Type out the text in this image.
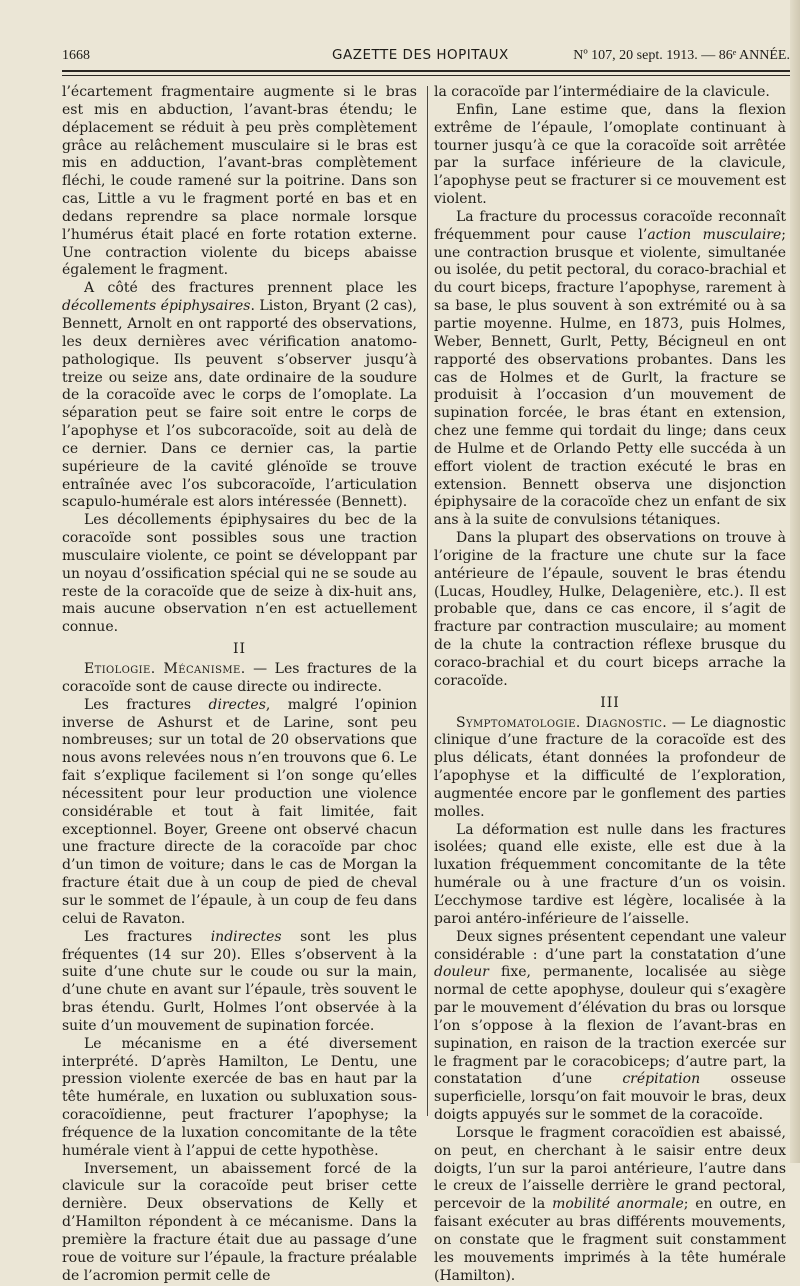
1668	GAZETTE DES HOPITAUX	Nº 107, 20 sept. 1913. — 86ᵉ ANNÉE.

l’écartement fragmentaire augmente si le bras est mis en abduction, l’avant-bras étendu; le déplacement se réduit à peu près complètement grâce au relâchement musculaire si le bras est mis en adduction, l’avant-bras complètement fléchi, le coude ramené sur la poitrine. Dans son cas, Little a vu le fragment porté en bas et en dedans reprendre sa place normale lorsque l’humérus était placé en forte rotation externe. Une contraction violente du biceps abaisse également le fragment.

A côté des fractures prennent place les décollements épiphysaires. Liston, Bryant (2 cas), Bennett, Arnolt en ont rapporté des observations, les deux dernières avec vérification anatomo-pathologique. Ils peuvent s’observer jusqu’à treize ou seize ans, date ordinaire de la soudure de la coracoïde avec le corps de l’omoplate. La séparation peut se faire soit entre le corps de l’apophyse et l’os subcoracoïde, soit au delà de ce dernier. Dans ce dernier cas, la partie supérieure de la cavité glénoïde se trouve entraînée avec l’os subcoracoïde, l’articulation scapulo-humérale est alors intéressée (Bennett).

Les décollements épiphysaires du bec de la coracoïde sont possibles sous une traction musculaire violente, ce point se développant par un noyau d’ossification spécial qui ne se soude au reste de la coracoïde que de seize à dix-huit ans, mais aucune observation n’en est actuellement connue.

II

Etiologie. Mécanisme. — Les fractures de la coracoïde sont de cause directe ou indirecte.

Les fractures directes, malgré l’opinion inverse de Ashurst et de Larine, sont peu nombreuses; sur un total de 20 observations que nous avons relevées nous n’en trouvons que 6. Le fait s’explique facilement si l’on songe qu’elles nécessitent pour leur production une violence considérable et tout à fait limitée, fait exceptionnel. Boyer, Greene ont observé chacun une fracture directe de la coracoïde par choc d’un timon de voiture; dans le cas de Morgan la fracture était due à un coup de pied de cheval sur le sommet de l’épaule, à un coup de feu dans celui de Ravaton.

Les fractures indirectes sont les plus fréquentes (14 sur 20). Elles s’observent à la suite d’une chute sur le coude ou sur la main, d’une chute en avant sur l’épaule, très souvent le bras étendu. Gurlt, Holmes l’ont observée à la suite d’un mouvement de supination forcée.

Le mécanisme en a été diversement interprété. D’après Hamilton, Le Dentu, une pression violente exercée de bas en haut par la tête humérale, en luxation ou subluxation sous-coracoïdienne, peut fracturer l’apophyse; la fréquence de la luxation concomitante de la tête humérale vient à l’appui de cette hypothèse.

Inversement, un abaissement forcé de la clavicule sur la coracoïde peut briser cette dernière. Deux observations de Kelly et d’Hamilton répondent à ce mécanisme. Dans la première la fracture était due au passage d’une roue de voiture sur l’épaule, la fracture préalable de l’acromion permit celle de

la coracoïde par l’intermédiaire de la clavicule.

Enfin, Lane estime que, dans la flexion extrême de l’épaule, l’omoplate continuant à tourner jusqu’à ce que la coracoïde soit arrêtée par la surface inférieure de la clavicule, l’apophyse peut se fracturer si ce mouvement est violent.

La fracture du processus coracoïde reconnaît fréquemment pour cause l’action musculaire; une contraction brusque et violente, simultanée ou isolée, du petit pectoral, du coraco-brachial et du court biceps, fracture l’apophyse, rarement à sa base, le plus souvent à son extrémité ou à sa partie moyenne. Hulme, en 1873, puis Holmes, Weber, Bennett, Gurlt, Petty, Bécigneul en ont rapporté des observations probantes. Dans les cas de Holmes et de Gurlt, la fracture se produisit à l’occasion d’un mouvement de supination forcée, le bras étant en extension, chez une femme qui tordait du linge; dans ceux de Hulme et de Orlando Petty elle succéda à un effort violent de traction exécuté le bras en extension. Bennett observa une disjonction épiphysaire de la coracoïde chez un enfant de six ans à la suite de convulsions tétaniques.

Dans la plupart des observations on trouve à l’origine de la fracture une chute sur la face antérieure de l’épaule, souvent le bras étendu (Lucas, Houdley, Hulke, Delagenière, etc.). Il est probable que, dans ce cas encore, il s’agit de fracture par contraction musculaire; au moment de la chute la contraction réflexe brusque du coraco-brachial et du court biceps arrache la coracoïde.

III

Symptomatologie. Diagnostic. — Le diagnostic clinique d’une fracture de la coracoïde est des plus délicats, étant données la profondeur de l’apophyse et la difficulté de l’exploration, augmentée encore par le gonflement des parties molles.

La déformation est nulle dans les fractures isolées; quand elle existe, elle est due à la luxation fréquemment concomitante de la tête humérale ou à une fracture d’un os voisin. L’ecchymose tardive est légère, localisée à la paroi antéro-inférieure de l’aisselle.

Deux signes présentent cependant une valeur considérable : d’une part la constatation d’une douleur fixe, permanente, localisée au siège normal de cette apophyse, douleur qui s’exagère par le mouvement d’élévation du bras ou lorsque l’on s’oppose à la flexion de l’avant-bras en supination, en raison de la traction exercée sur le fragment par le coracobiceps; d’autre part, la constatation d’une crépitation osseuse superficielle, lorsqu’on fait mouvoir le bras, deux doigts appuyés sur le sommet de la coracoïde.

Lorsque le fragment coracoïdien est abaissé, on peut, en cherchant à le saisir entre deux doigts, l’un sur la paroi antérieure, l’autre dans le creux de l’aisselle derrière le grand pectoral, percevoir de la mobilité anormale; en outre, en faisant exécuter au bras différents mouvements, on constate que le fragment suit constamment les mouvements imprimés à la tête humérale (Hamilton).
